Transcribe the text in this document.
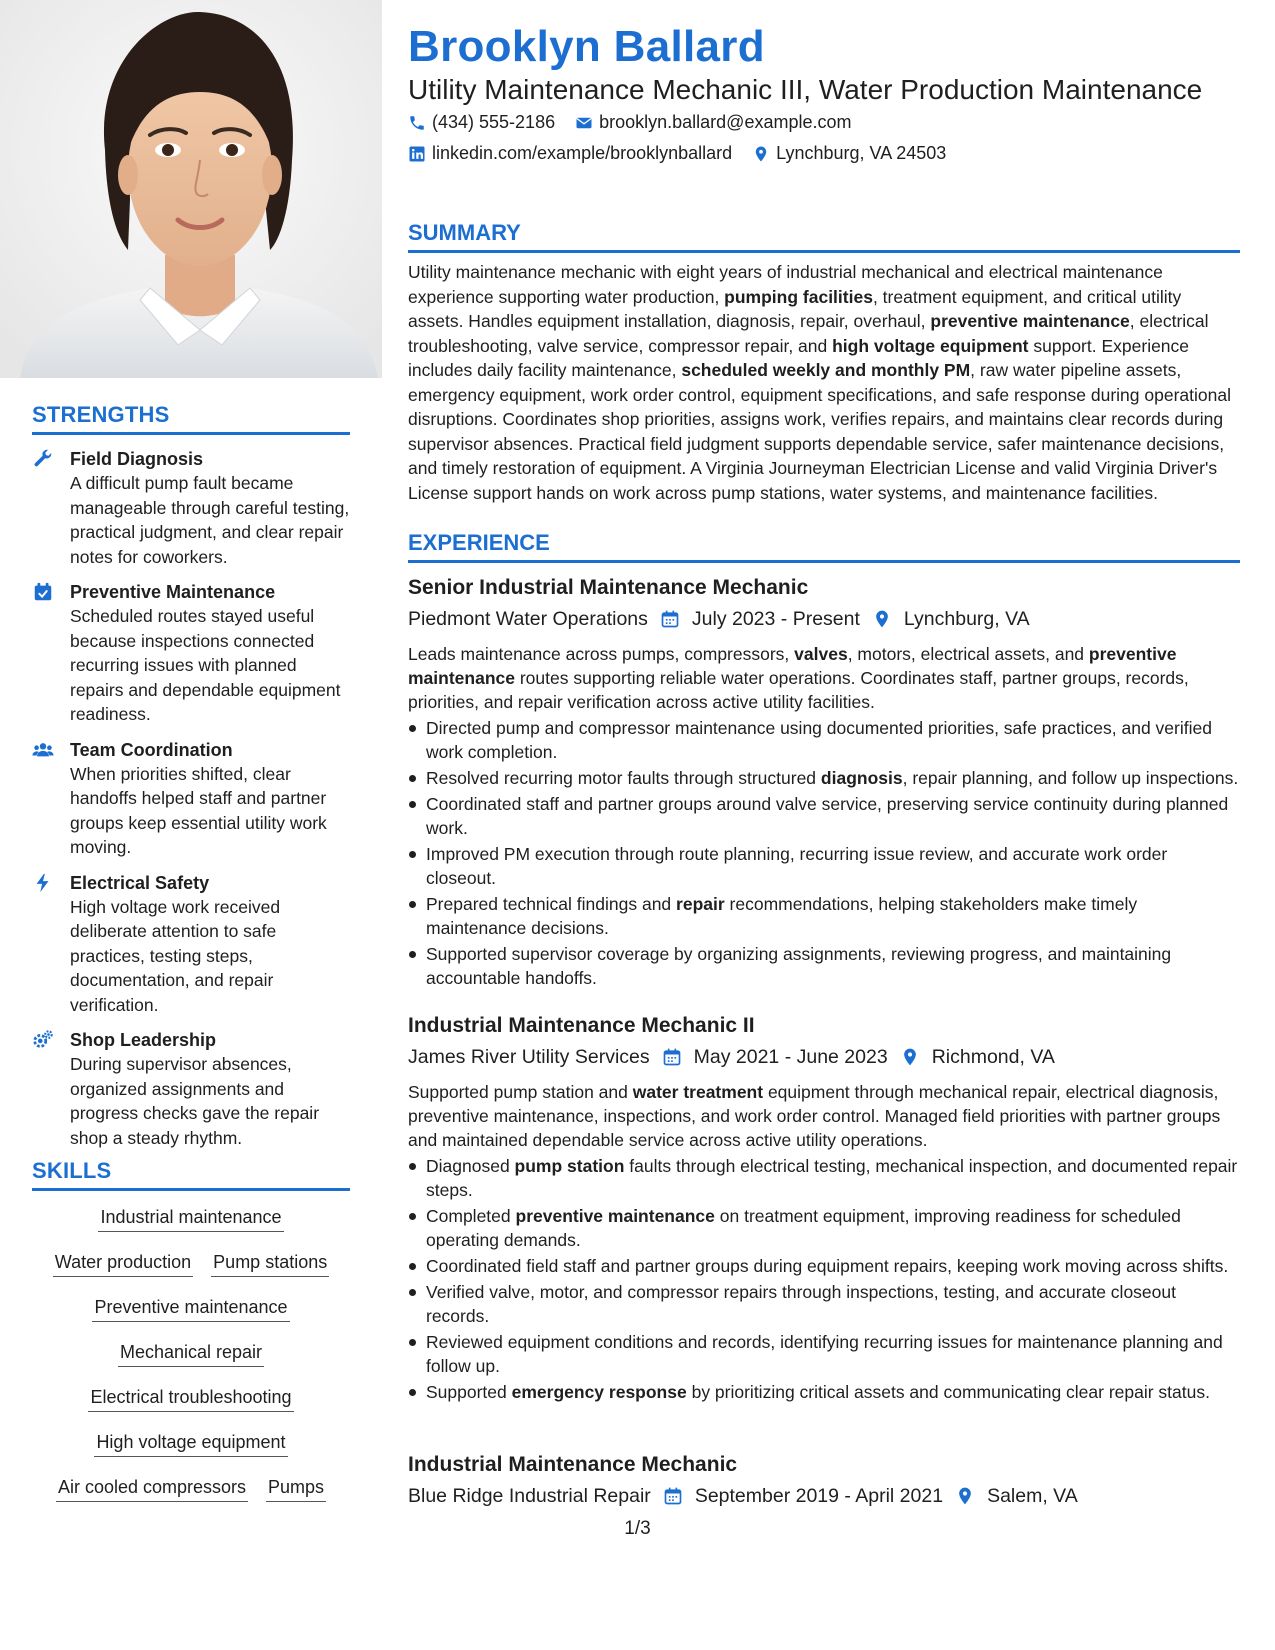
STRENGTHS
Field Diagnosis
A difficult pump fault became manageable through careful testing, practical judgment, and clear repair notes for coworkers.
Preventive Maintenance
Scheduled routes stayed useful because inspections connected recurring issues with planned repairs and dependable equipment readiness.
Team Coordination
When priorities shifted, clear handoffs helped staff and partner groups keep essential utility work moving.
Electrical Safety
High voltage work received deliberate attention to safe practices, testing steps, documentation, and repair verification.
Shop Leadership
During supervisor absences, organized assignments and progress checks gave the repair shop a steady rhythm.
SKILLS
Industrial maintenance
Water production Pump stations
Preventive maintenance
Mechanical repair
Electrical troubleshooting
High voltage equipment
Air cooled compressors Pumps
Brooklyn Ballard
Utility Maintenance Mechanic III, Water Production Maintenance
(434) 555-2186 brooklyn.ballard@example.com
linkedin.com/example/brooklynballard Lynchburg, VA 24503
SUMMARY
Utility maintenance mechanic with eight years of industrial mechanical and electrical maintenance experience supporting water production, pumping facilities, treatment equipment, and critical utility assets. Handles equipment installation, diagnosis, repair, overhaul, preventive maintenance, electrical troubleshooting, valve service, compressor repair, and high voltage equipment support. Experience includes daily facility maintenance, scheduled weekly and monthly PM, raw water pipeline assets, emergency equipment, work order control, equipment specifications, and safe response during operational disruptions. Coordinates shop priorities, assigns work, verifies repairs, and maintains clear records during supervisor absences. Practical field judgment supports dependable service, safer maintenance decisions, and timely restoration of equipment. A Virginia Journeyman Electrician License and valid Virginia Driver's License support hands on work across pump stations, water systems, and maintenance facilities.
EXPERIENCE
Senior Industrial Maintenance Mechanic
Piedmont Water Operations July 2023 - Present Lynchburg, VA
Leads maintenance across pumps, compressors, valves, motors, electrical assets, and preventive maintenance routes supporting reliable water operations. Coordinates staff, partner groups, records, priorities, and repair verification across active utility facilities.
Directed pump and compressor maintenance using documented priorities, safe practices, and verified work completion.
Resolved recurring motor faults through structured diagnosis, repair planning, and follow up inspections.
Coordinated staff and partner groups around valve service, preserving service continuity during planned work.
Improved PM execution through route planning, recurring issue review, and accurate work order closeout.
Prepared technical findings and repair recommendations, helping stakeholders make timely maintenance decisions.
Supported supervisor coverage by organizing assignments, reviewing progress, and maintaining accountable handoffs.
Industrial Maintenance Mechanic II
James River Utility Services May 2021 - June 2023 Richmond, VA
Supported pump station and water treatment equipment through mechanical repair, electrical diagnosis, preventive maintenance, inspections, and work order control. Managed field priorities with partner groups and maintained dependable service across active utility operations.
Diagnosed pump station faults through electrical testing, mechanical inspection, and documented repair steps.
Completed preventive maintenance on treatment equipment, improving readiness for scheduled operating demands.
Coordinated field staff and partner groups during equipment repairs, keeping work moving across shifts.
Verified valve, motor, and compressor repairs through inspections, testing, and accurate closeout records.
Reviewed equipment conditions and records, identifying recurring issues for maintenance planning and follow up.
Supported emergency response by prioritizing critical assets and communicating clear repair status.
Industrial Maintenance Mechanic
Blue Ridge Industrial Repair September 2019 - April 2021 Salem, VA
1/3
